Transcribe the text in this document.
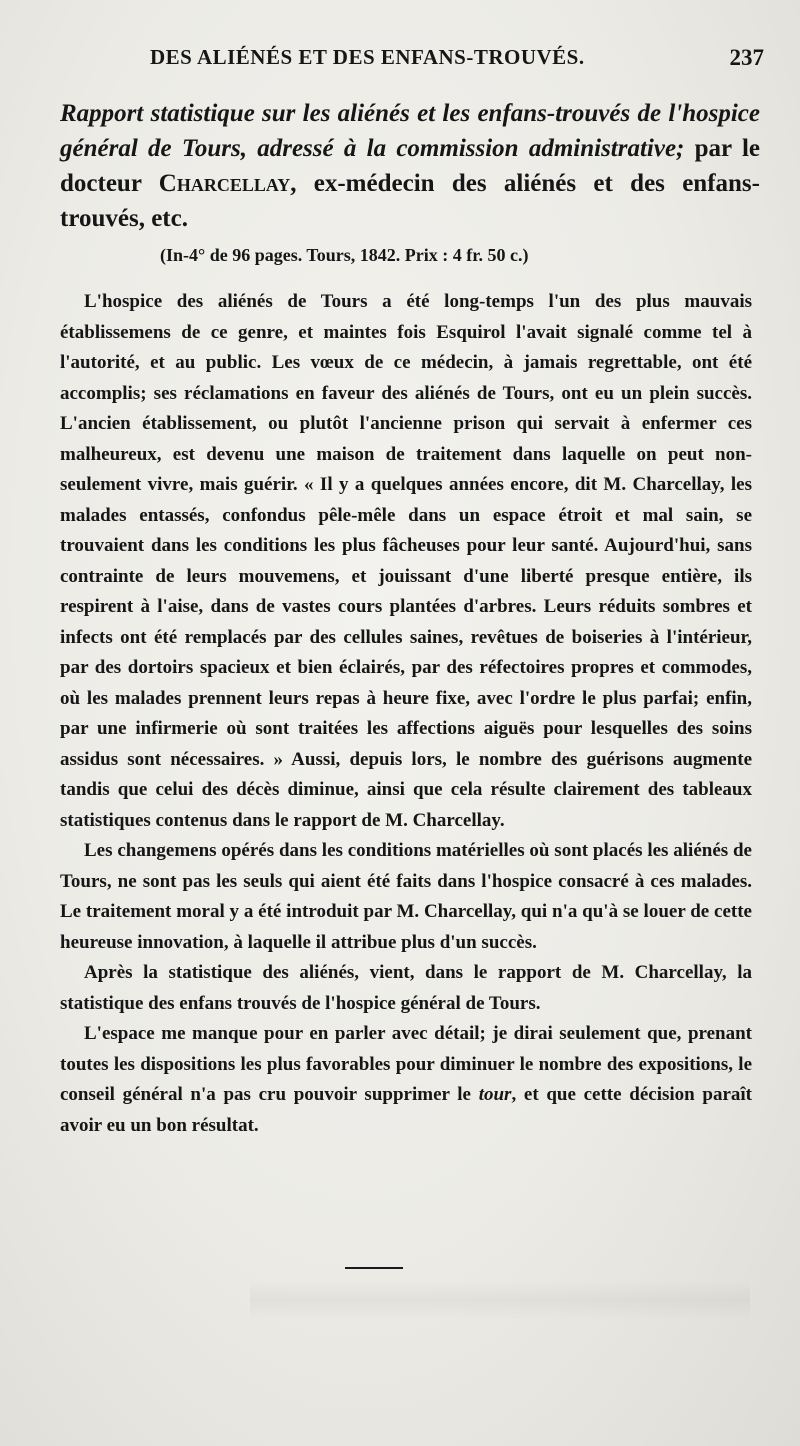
DES ALIÉNÉS ET DES ENFANS-TROUVÉS.	237
Rapport statistique sur les aliénés et les enfans-trouvés de l'hospice général de Tours, adressé à la commission administrative; par le docteur Charcellay, ex-médecin des aliénés et des enfans-trouvés, etc.
(In-4° de 96 pages. Tours, 1842. Prix : 4 fr. 50 c.)

L'hospice des aliénés de Tours a été long-temps l'un des plus mauvais établissemens de ce genre, et maintes fois Esquirol l'avait signalé comme tel à l'autorité, et au public. Les vœux de ce médecin, à jamais regrettable, ont été accomplis; ses réclamations en faveur des aliénés de Tours, ont eu un plein succès. L'ancien établissement, ou plutôt l'ancienne prison qui servait à enfermer ces malheureux, est devenu une maison de traitement dans laquelle on peut non-seulement vivre, mais guérir. « Il y a quelques années encore, dit M. Charcellay, les malades entassés, confondus pêle-mêle dans un espace étroit et mal sain, se trouvaient dans les conditions les plus fâcheuses pour leur santé. Aujourd'hui, sans contrainte de leurs mouvemens, et jouissant d'une liberté presque entière, ils respirent à l'aise, dans de vastes cours plantées d'arbres. Leurs réduits sombres et infects ont été remplacés par des cellules saines, revêtues de boiseries à l'intérieur, par des dortoirs spacieux et bien éclairés, par des réfectoires propres et commodes, où les malades prennent leurs repas à heure fixe, avec l'ordre le plus parfai; enfin, par une infirmerie où sont traitées les affections aiguës pour lesquelles des soins assidus sont nécessaires. » Aussi, depuis lors, le nombre des guérisons augmente tandis que celui des décès diminue, ainsi que cela résulte clairement des tableaux statistiques contenus dans le rapport de M. Charcellay.

Les changemens opérés dans les conditions matérielles où sont placés les aliénés de Tours, ne sont pas les seuls qui aient été faits dans l'hospice consacré à ces malades. Le traitement moral y a été introduit par M. Charcellay, qui n'a qu'à se louer de cette heureuse innovation, à laquelle il attribue plus d'un succès.

Après la statistique des aliénés, vient, dans le rapport de M. Charcellay, la statistique des enfans trouvés de l'hospice général de Tours.

L'espace me manque pour en parler avec détail; je dirai seulement que, prenant toutes les dispositions les plus favorables pour diminuer le nombre des expositions, le conseil général n'a pas cru pouvoir supprimer le tour, et que cette décision paraît avoir eu un bon résultat.
